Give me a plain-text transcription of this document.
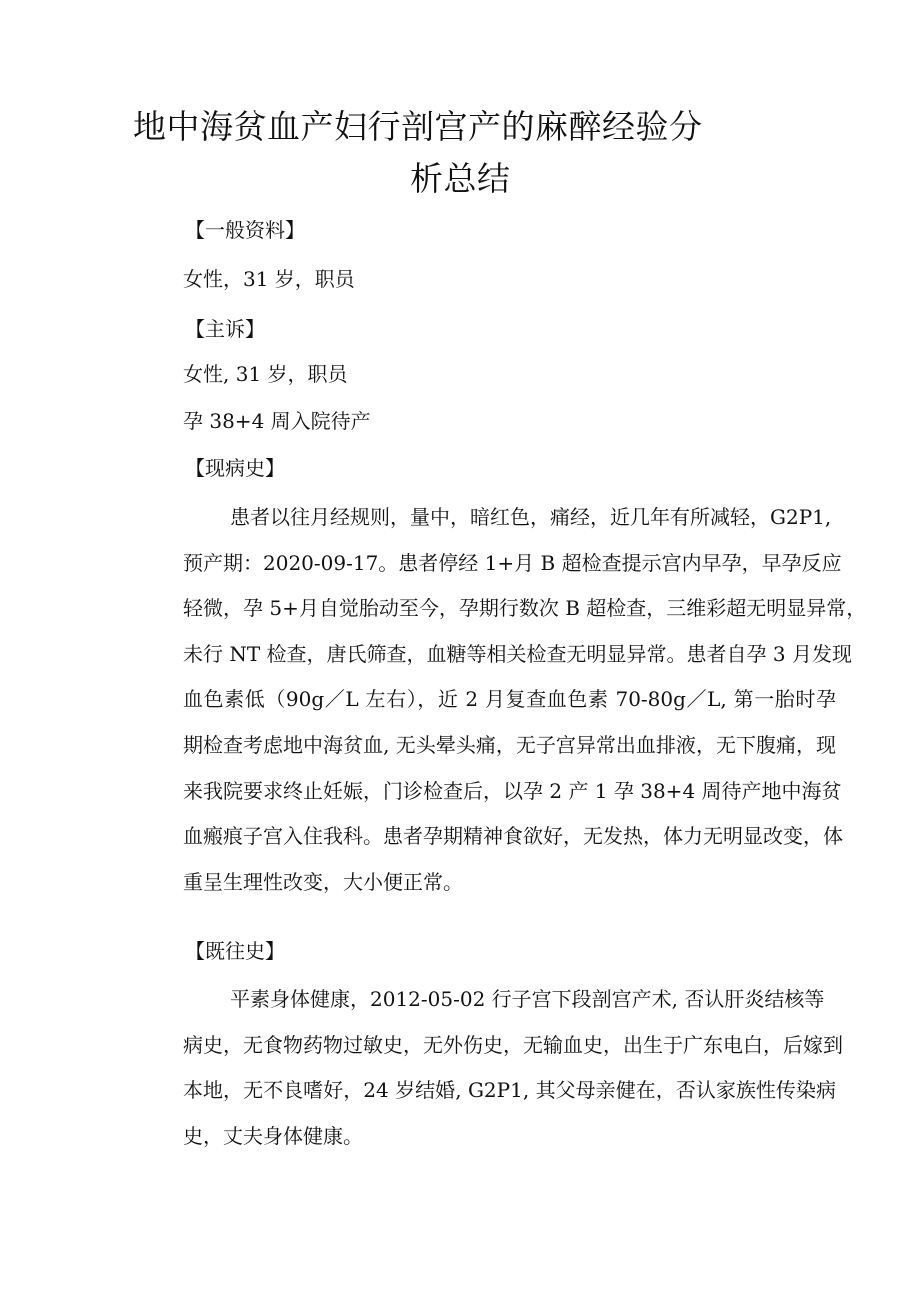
地中海贫血产妇行剖宫产的麻醉经验分
析总结

【一般资料】

女性，31 岁，职员

【主诉】

女性, 31 岁，职员

孕 38+4 周入院待产

【现病史】

患者以往月经规则，量中，暗红色，痛经，近几年有所减轻，G2P1,
预产期：2020-09-17。患者停经 1+月 B 超检查提示宫内早孕，早孕反应
轻微，孕 5+月自觉胎动至今，孕期行数次 B 超检查，三维彩超无明显异常，
未行 NT 检查，唐氏筛查，血糖等相关检查无明显异常。患者自孕 3 月发现
血色素低（90g／L 左右），近 2 月复查血色素 70-80g／L, 第一胎时孕
期检查考虑地中海贫血, 无头晕头痛，无子宫异常出血排液，无下腹痛，现
来我院要求终止妊娠，门诊检查后，以孕 2 产 1 孕 38+4 周待产地中海贫
血瘢痕子宫入住我科。患者孕期精神食欲好，无发热，体力无明显改变，体
重呈生理性改变，大小便正常。

【既往史】

平素身体健康，2012-05-02 行子宫下段剖宫产术, 否认肝炎结核等
病史，无食物药物过敏史，无外伤史，无输血史，出生于广东电白，后嫁到
本地，无不良嗜好，24 岁结婚, G2P1, 其父母亲健在，否认家族性传染病
史，丈夫身体健康。
